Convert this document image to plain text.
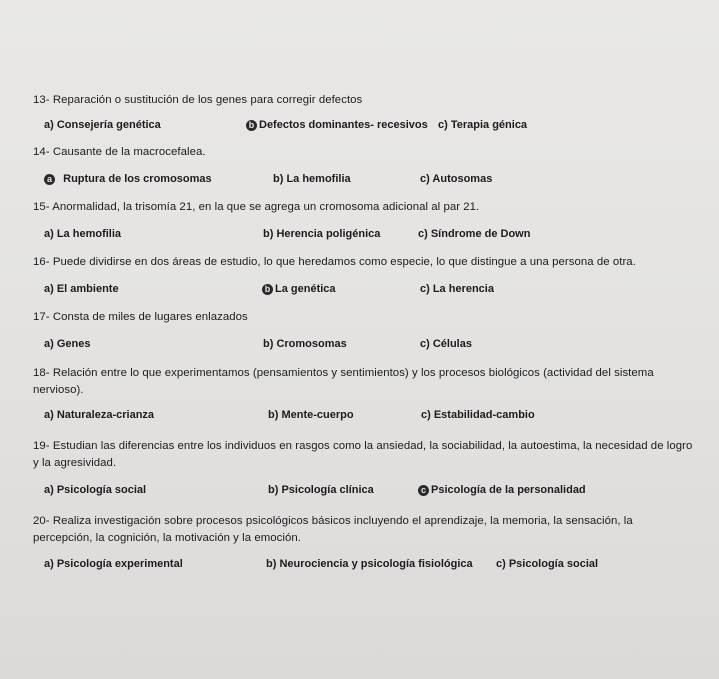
13- Reparación o sustitución de los genes para corregir defectos
a) Consejería genética	b Defectos dominantes- recesivos c) Terapia génica
14- Causante de la macrocefalea.
a Ruptura de los cromosomas	b) La hemofilia	c) Autosomas
15- Anormalidad, la trisomía 21, en la que se agrega un cromosoma adicional al par 21.
a) La hemofilia	b) Herencia poligénica	c) Síndrome de Down
16- Puede dividirse en dos áreas de estudio, lo que heredamos como especie, lo que distingue a una persona de otra.
a) El ambiente	b La genética	c) La herencia
17- Consta de miles de lugares enlazados
a) Genes	b) Cromosomas	c) Células
18- Relación entre lo que experimentamos (pensamientos y sentimientos) y los procesos biológicos (actividad del sistema nervioso).
a) Naturaleza-crianza	b) Mente-cuerpo	c) Estabilidad-cambio
19- Estudian las diferencias entre los individuos en rasgos como la ansiedad, la sociabilidad, la autoestima, la necesidad de logro y la agresividad.
a) Psicología social	b) Psicología clínica	c Psicología de la personalidad
20- Realiza investigación sobre procesos psicológicos básicos incluyendo el aprendizaje, la memoria, la sensación, la percepción, la cognición, la motivación y la emoción.
a) Psicología experimental	b) Neurociencia y psicología fisiológica c) Psicología social
